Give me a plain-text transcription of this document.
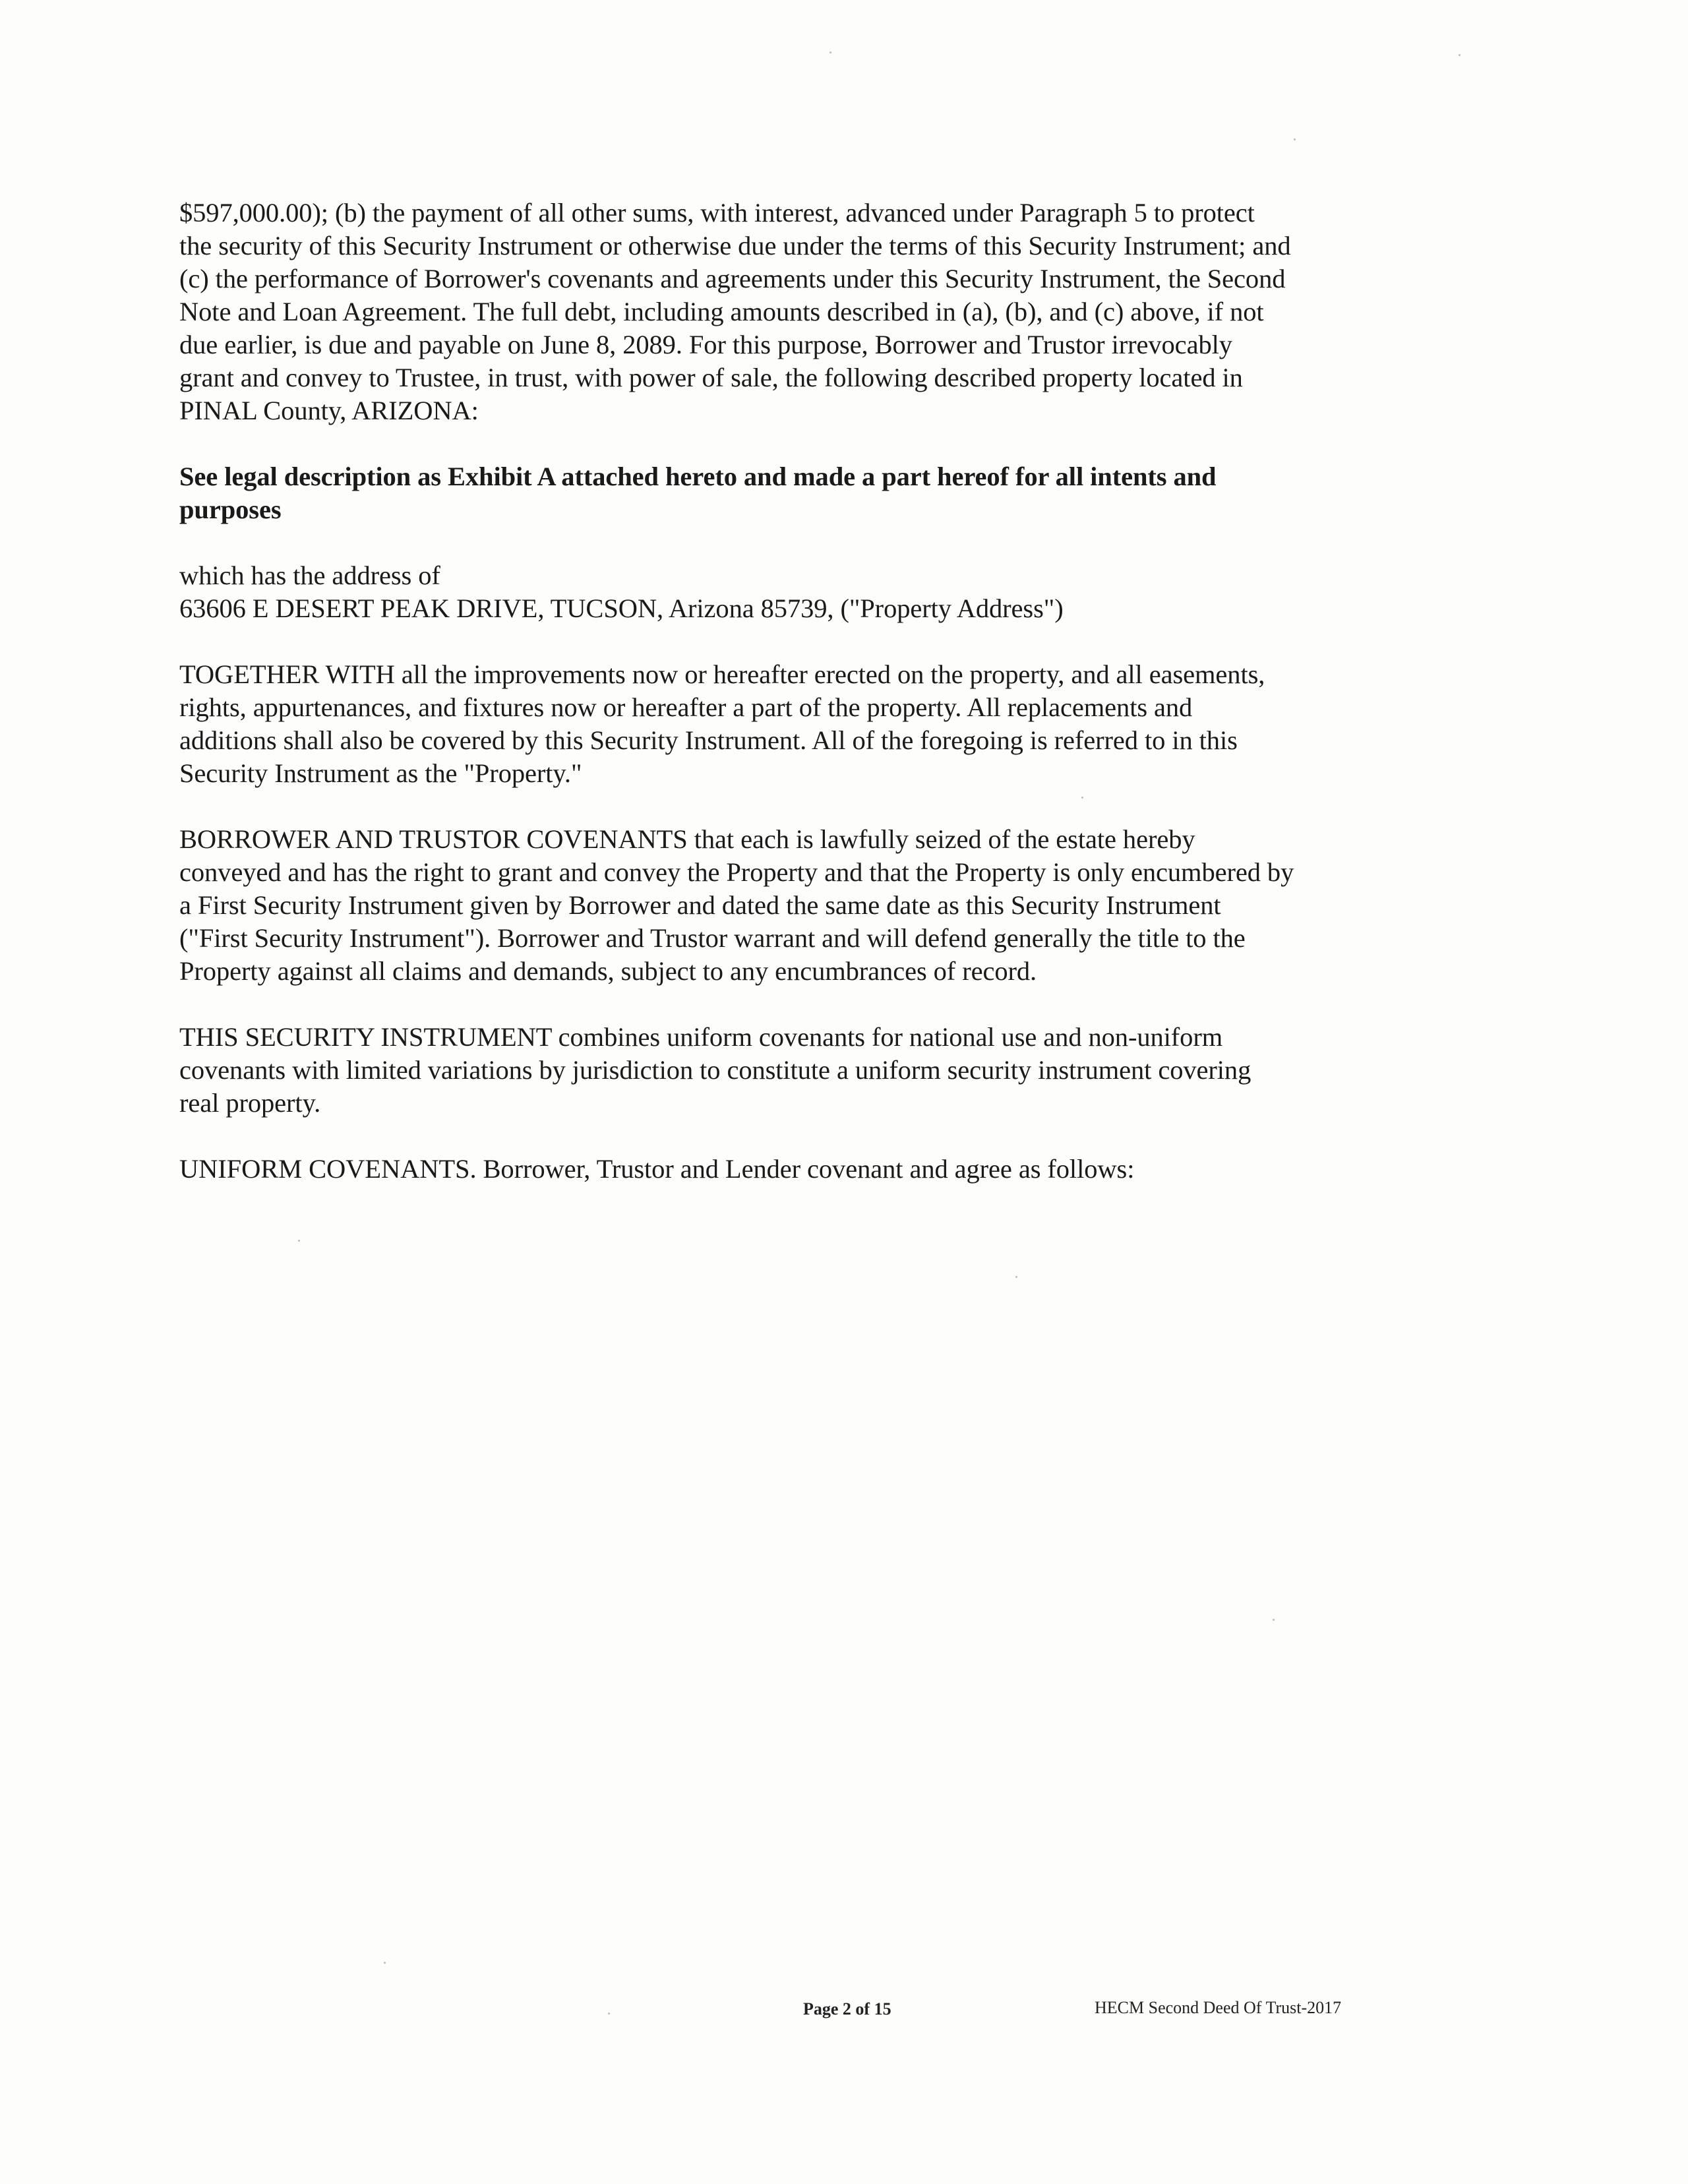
$597,000.00); (b) the payment of all other sums, with interest, advanced under Paragraph 5 to protect
the security of this Security Instrument or otherwise due under the terms of this Security Instrument; and
(c) the performance of Borrower's covenants and agreements under this Security Instrument, the Second
Note and Loan Agreement. The full debt, including amounts described in (a), (b), and (c) above, if not
due earlier, is due and payable on June 8, 2089. For this purpose, Borrower and Trustor irrevocably
grant and convey to Trustee, in trust, with power of sale, the following described property located in
PINAL County, ARIZONA:

See legal description as Exhibit A attached hereto and made a part hereof for all intents and
purposes

which has the address of
63606 E DESERT PEAK DRIVE, TUCSON, Arizona 85739, ("Property Address")

TOGETHER WITH all the improvements now or hereafter erected on the property, and all easements,
rights, appurtenances, and fixtures now or hereafter a part of the property. All replacements and
additions shall also be covered by this Security Instrument. All of the foregoing is referred to in this
Security Instrument as the "Property."

BORROWER AND TRUSTOR COVENANTS that each is lawfully seized of the estate hereby
conveyed and has the right to grant and convey the Property and that the Property is only encumbered by
a First Security Instrument given by Borrower and dated the same date as this Security Instrument
("First Security Instrument"). Borrower and Trustor warrant and will defend generally the title to the
Property against all claims and demands, subject to any encumbrances of record.

THIS SECURITY INSTRUMENT combines uniform covenants for national use and non-uniform
covenants with limited variations by jurisdiction to constitute a uniform security instrument covering
real property.

UNIFORM COVENANTS. Borrower, Trustor and Lender covenant and agree as follows:

Page 2 of 15	HECM Second Deed Of Trust-2017
